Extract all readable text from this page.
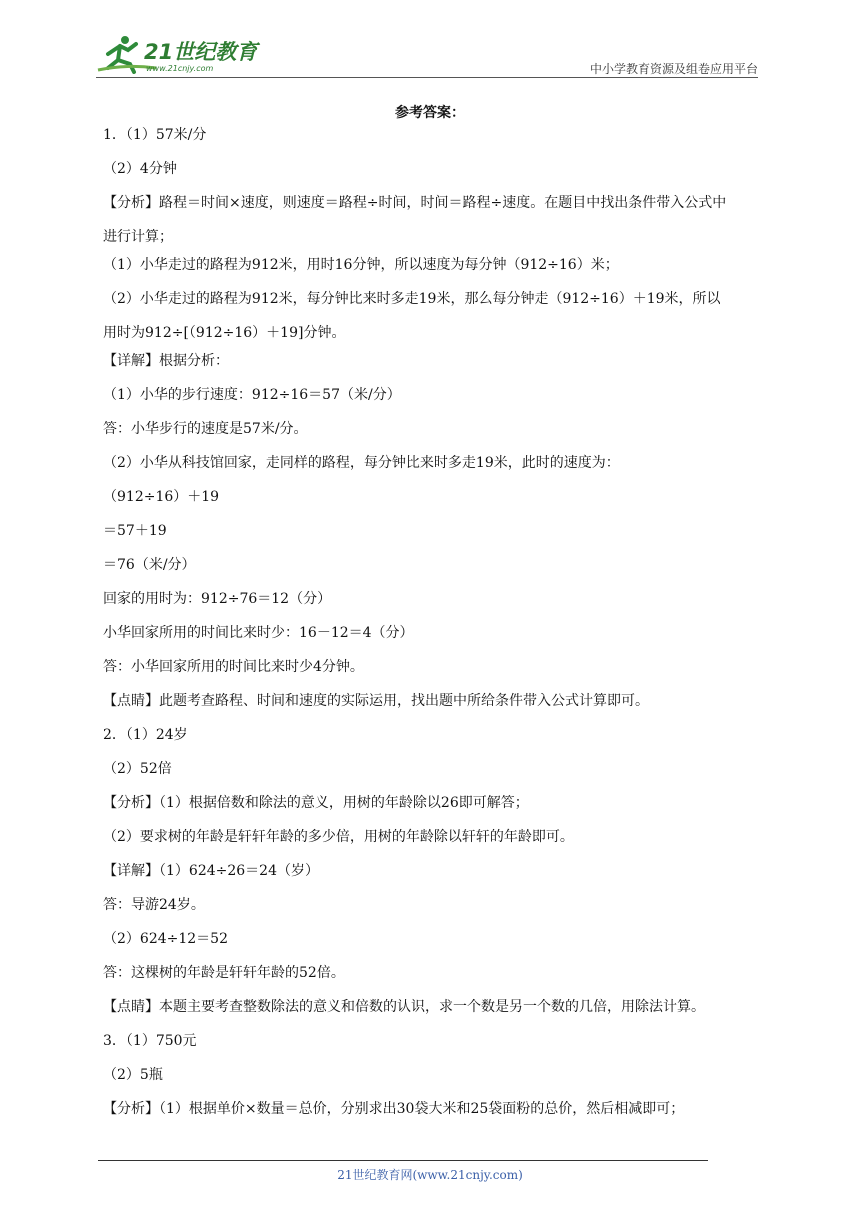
21世纪教育
www.21cnjy.com	中小学教育资源及组卷应用平台
参考答案：

1．（1）57米/分

（2）4分钟

【分析】路程＝时间×速度，则速度＝路程÷时间，时间＝路程÷速度。在题目中找出条件带入公式中

进行计算；

（1）小华走过的路程为912米，用时16分钟，所以速度为每分钟（912÷16）米；

（2）小华走过的路程为912米，每分钟比来时多走19米，那么每分钟走（912÷16）＋19米，所以

用时为912÷[（912÷16）＋19]分钟。

【详解】根据分析：

（1）小华的步行速度：912÷16＝57（米/分）

答：小华步行的速度是57米/分。

（2）小华从科技馆回家，走同样的路程，每分钟比来时多走19米，此时的速度为：

（912÷16）＋19

＝57＋19

＝76（米/分）

回家的用时为：912÷76＝12（分）

小华回家所用的时间比来时少：16－12＝4（分）

答：小华回家所用的时间比来时少4分钟。

【点睛】此题考查路程、时间和速度的实际运用，找出题中所给条件带入公式计算即可。

2．（1）24岁

（2）52倍

【分析】（1）根据倍数和除法的意义，用树的年龄除以26即可解答；

（2）要求树的年龄是轩轩年龄的多少倍，用树的年龄除以轩轩的年龄即可。

【详解】（1）624÷26＝24（岁）

答：导游24岁。

（2）624÷12＝52

答：这棵树的年龄是轩轩年龄的52倍。

【点睛】本题主要考查整数除法的意义和倍数的认识，求一个数是另一个数的几倍，用除法计算。

3．（1）750元

（2）5瓶

【分析】（1）根据单价×数量＝总价，分别求出30袋大米和25袋面粉的总价，然后相减即可；

21世纪教育网(www.21cnjy.com)
